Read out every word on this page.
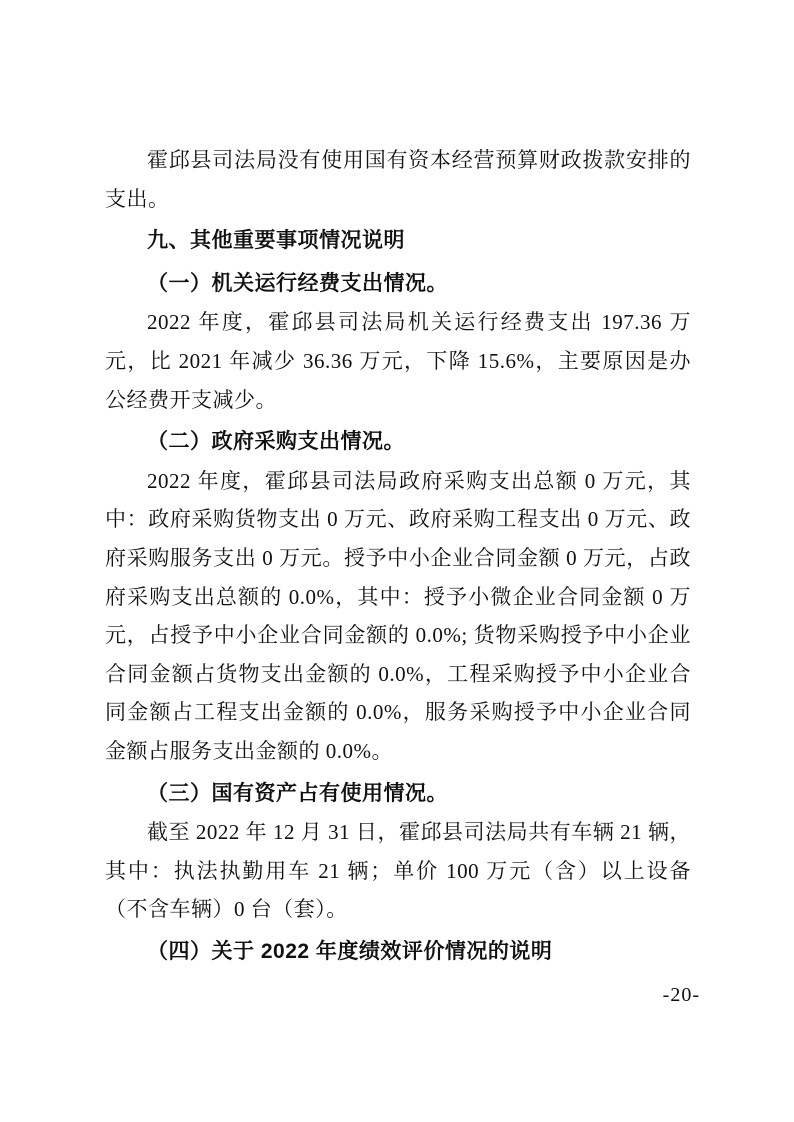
霍邱县司法局没有使用国有资本经营预算财政拨款安排的支出。

九、其他重要事项情况说明

（一）机关运行经费支出情况。

2022 年度，霍邱县司法局机关运行经费支出 197.36 万元，比 2021 年减少 36.36 万元，下降 15.6%，主要原因是办公经费开支减少。

（二）政府采购支出情况。

2022 年度，霍邱县司法局政府采购支出总额 0 万元，其中：政府采购货物支出 0 万元、政府采购工程支出 0 万元、政府采购服务支出 0 万元。授予中小企业合同金额 0 万元，占政府采购支出总额的 0.0%，其中：授予小微企业合同金额 0 万元，占授予中小企业合同金额的 0.0%; 货物采购授予中小企业合同金额占货物支出金额的 0.0%，工程采购授予中小企业合同金额占工程支出金额的 0.0%，服务采购授予中小企业合同金额占服务支出金额的 0.0%。

（三）国有资产占有使用情况。

截至 2022 年 12 月 31 日，霍邱县司法局共有车辆 21 辆，其中：执法执勤用车 21 辆；单价 100 万元（含）以上设备（不含车辆）0 台（套）。

（四）关于 2022 年度绩效评价情况的说明

-20-
